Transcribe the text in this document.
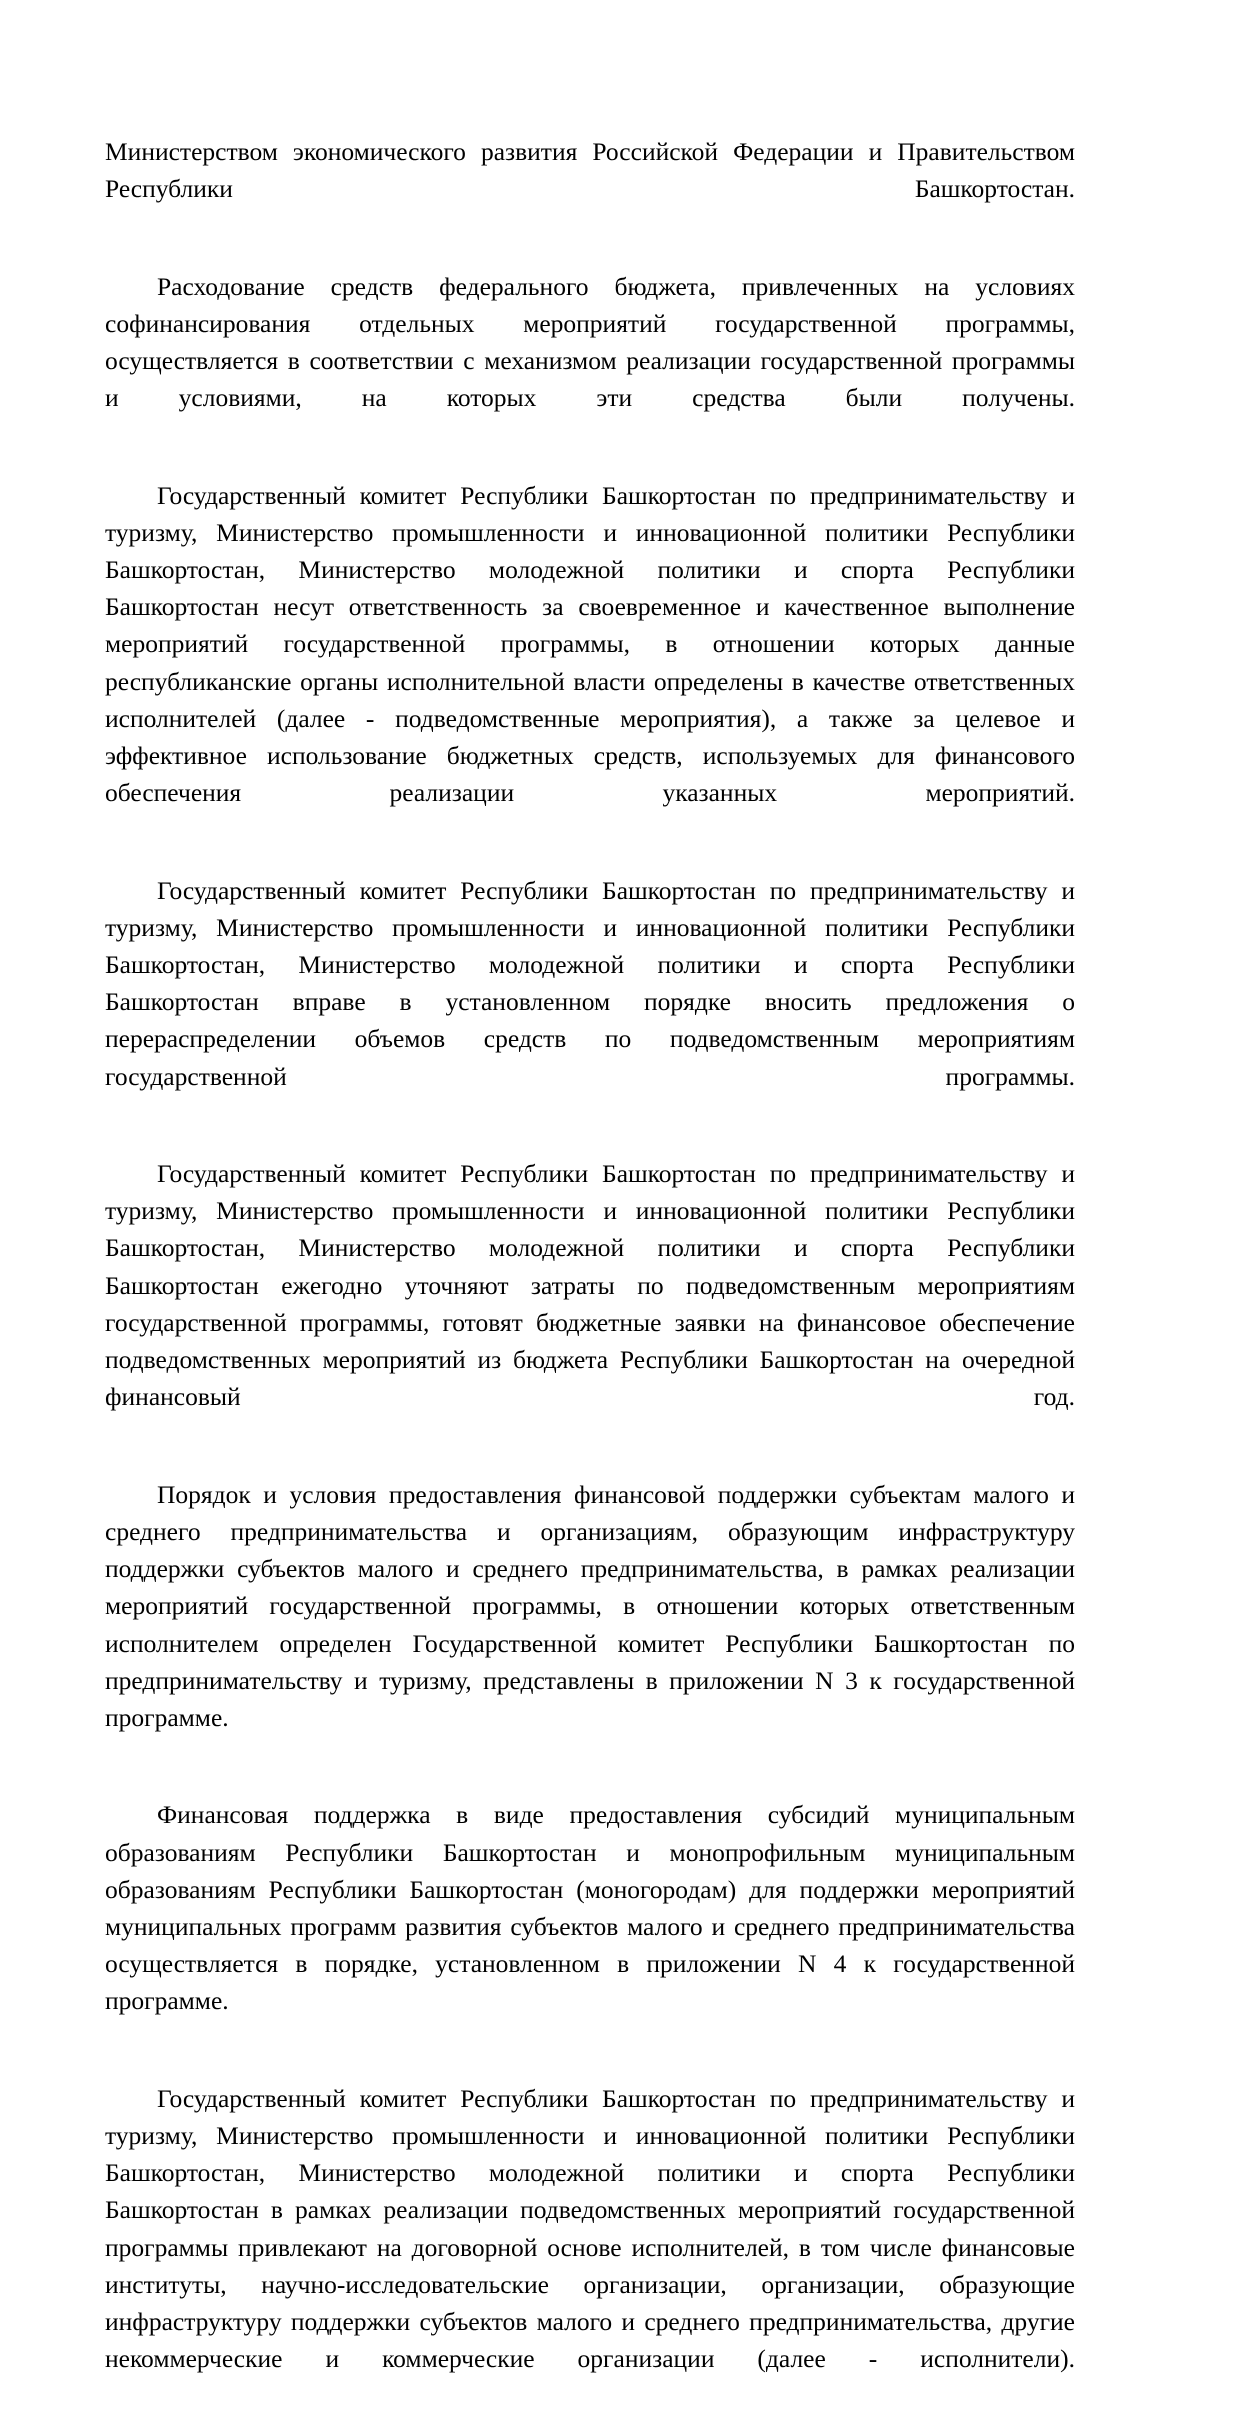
Министерством экономического развития Российской Федерации и Правительством Республики Башкортостан.

Расходование средств федерального бюджета, привлеченных на условиях софинансирования отдельных мероприятий государственной программы, осуществляется в соответствии с механизмом реализации государственной программы и условиями, на которых эти средства были получены.

Государственный комитет Республики Башкортостан по предпринимательству и туризму, Министерство промышленности и инновационной политики Республики Башкортостан, Министерство молодежной политики и спорта Республики Башкортостан несут ответственность за своевременное и качественное выполнение мероприятий государственной программы, в отношении которых данные республиканские органы исполнительной власти определены в качестве ответственных исполнителей (далее - подведомственные мероприятия), а также за целевое и эффективное использование бюджетных средств, используемых для финансового обеспечения реализации указанных мероприятий.

Государственный комитет Республики Башкортостан по предпринимательству и туризму, Министерство промышленности и инновационной политики Республики Башкортостан, Министерство молодежной политики и спорта Республики Башкортостан вправе в установленном порядке вносить предложения о перераспределении объемов средств по подведомственным мероприятиям государственной программы.

Государственный комитет Республики Башкортостан по предпринимательству и туризму, Министерство промышленности и инновационной политики Республики Башкортостан, Министерство молодежной политики и спорта Республики Башкортостан ежегодно уточняют затраты по подведомственным мероприятиям государственной программы, готовят бюджетные заявки на финансовое обеспечение подведомственных мероприятий из бюджета Республики Башкортостан на очередной финансовый год.

Порядок и условия предоставления финансовой поддержки субъектам малого и среднего предпринимательства и организациям, образующим инфраструктуру поддержки субъектов малого и среднего предпринимательства, в рамках реализации мероприятий государственной программы, в отношении которых ответственным исполнителем определен Государственной комитет Республики Башкортостан по предпринимательству и туризму, представлены в приложении N 3 к государственной программе.

Финансовая поддержка в виде предоставления субсидий муниципальным образованиям Республики Башкортостан и монопрофильным муниципальным образованиям Республики Башкортостан (моногородам) для поддержки мероприятий муниципальных программ развития субъектов малого и среднего предпринимательства осуществляется в порядке, установленном в приложении N 4 к государственной программе.

Государственный комитет Республики Башкортостан по предпринимательству и туризму, Министерство промышленности и инновационной политики Республики Башкортостан, Министерство молодежной политики и спорта Республики Башкортостан в рамках реализации подведомственных мероприятий государственной программы привлекают на договорной основе исполнителей, в том числе финансовые институты, научно-исследовательские организации, организации, образующие инфраструктуру поддержки субъектов малого и среднего предпринимательства, другие некоммерческие и коммерческие организации (далее - исполнители).
